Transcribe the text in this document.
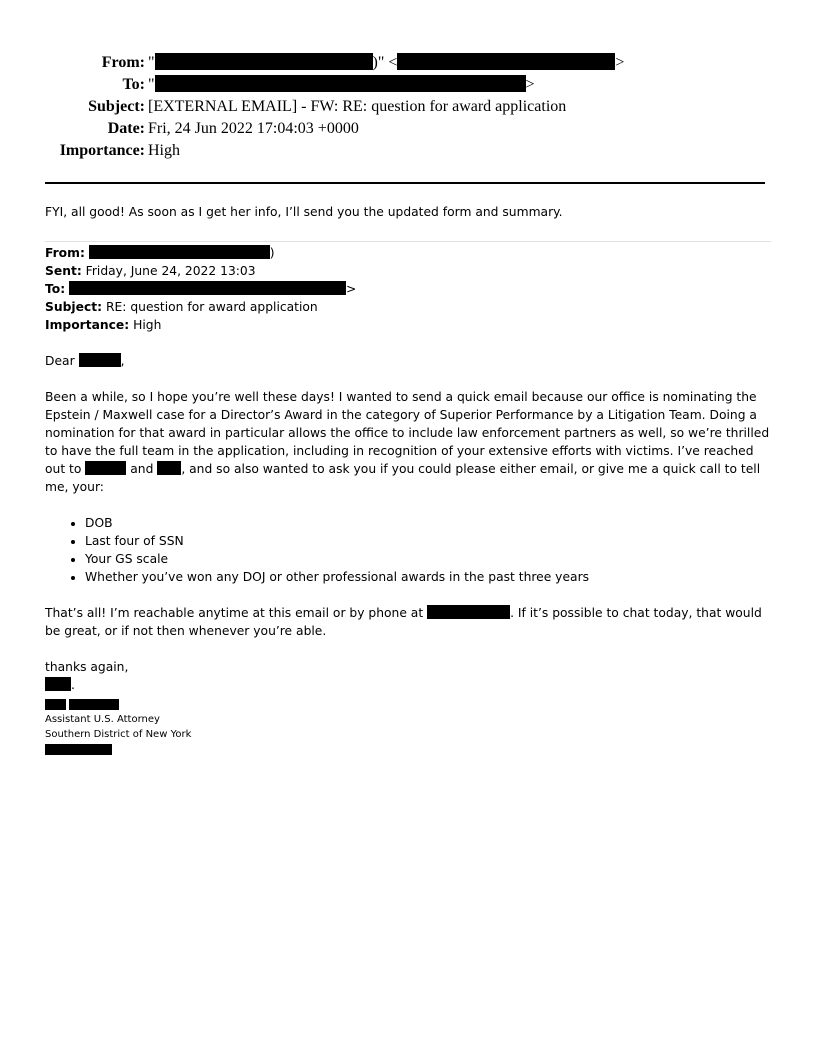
From: "	)" <	>
To: "	>
Subject: [EXTERNAL EMAIL] - FW: RE: question for award application
Date: Fri, 24 Jun 2022 17:04:03 +0000
Importance: High

FYI, all good! As soon as I get her info, I’ll send you the updated form and summary.

From:	)
Sent: Friday, June 24, 2022 13:03
To:	>
Subject: RE: question for award application
Importance: High

Dear	,

Been a while, so I hope you’re well these days! I wanted to send a quick email because our office is nominating the Epstein / Maxwell case for a Director’s Award in the category of Superior Performance by a Litigation Team. Doing a nomination for that award in particular allows the office to include law enforcement partners as well, so we’re thrilled to have the full team in the application, including in recognition of your extensive efforts with victims. I’ve reached out to	and , and so also wanted to ask you if you could please either email, or give me a quick call to tell me, your:

• DOB
• Last four of SSN
• Your GS scale
• Whether you’ve won any DOJ or other professional awards in the past three years

That’s all! I’m reachable anytime at this email or by phone at	. If it’s possible to chat today, that would be great, or if not then whenever you’re able.

thanks again,
.

Assistant U.S. Attorney
Southern District of New York
